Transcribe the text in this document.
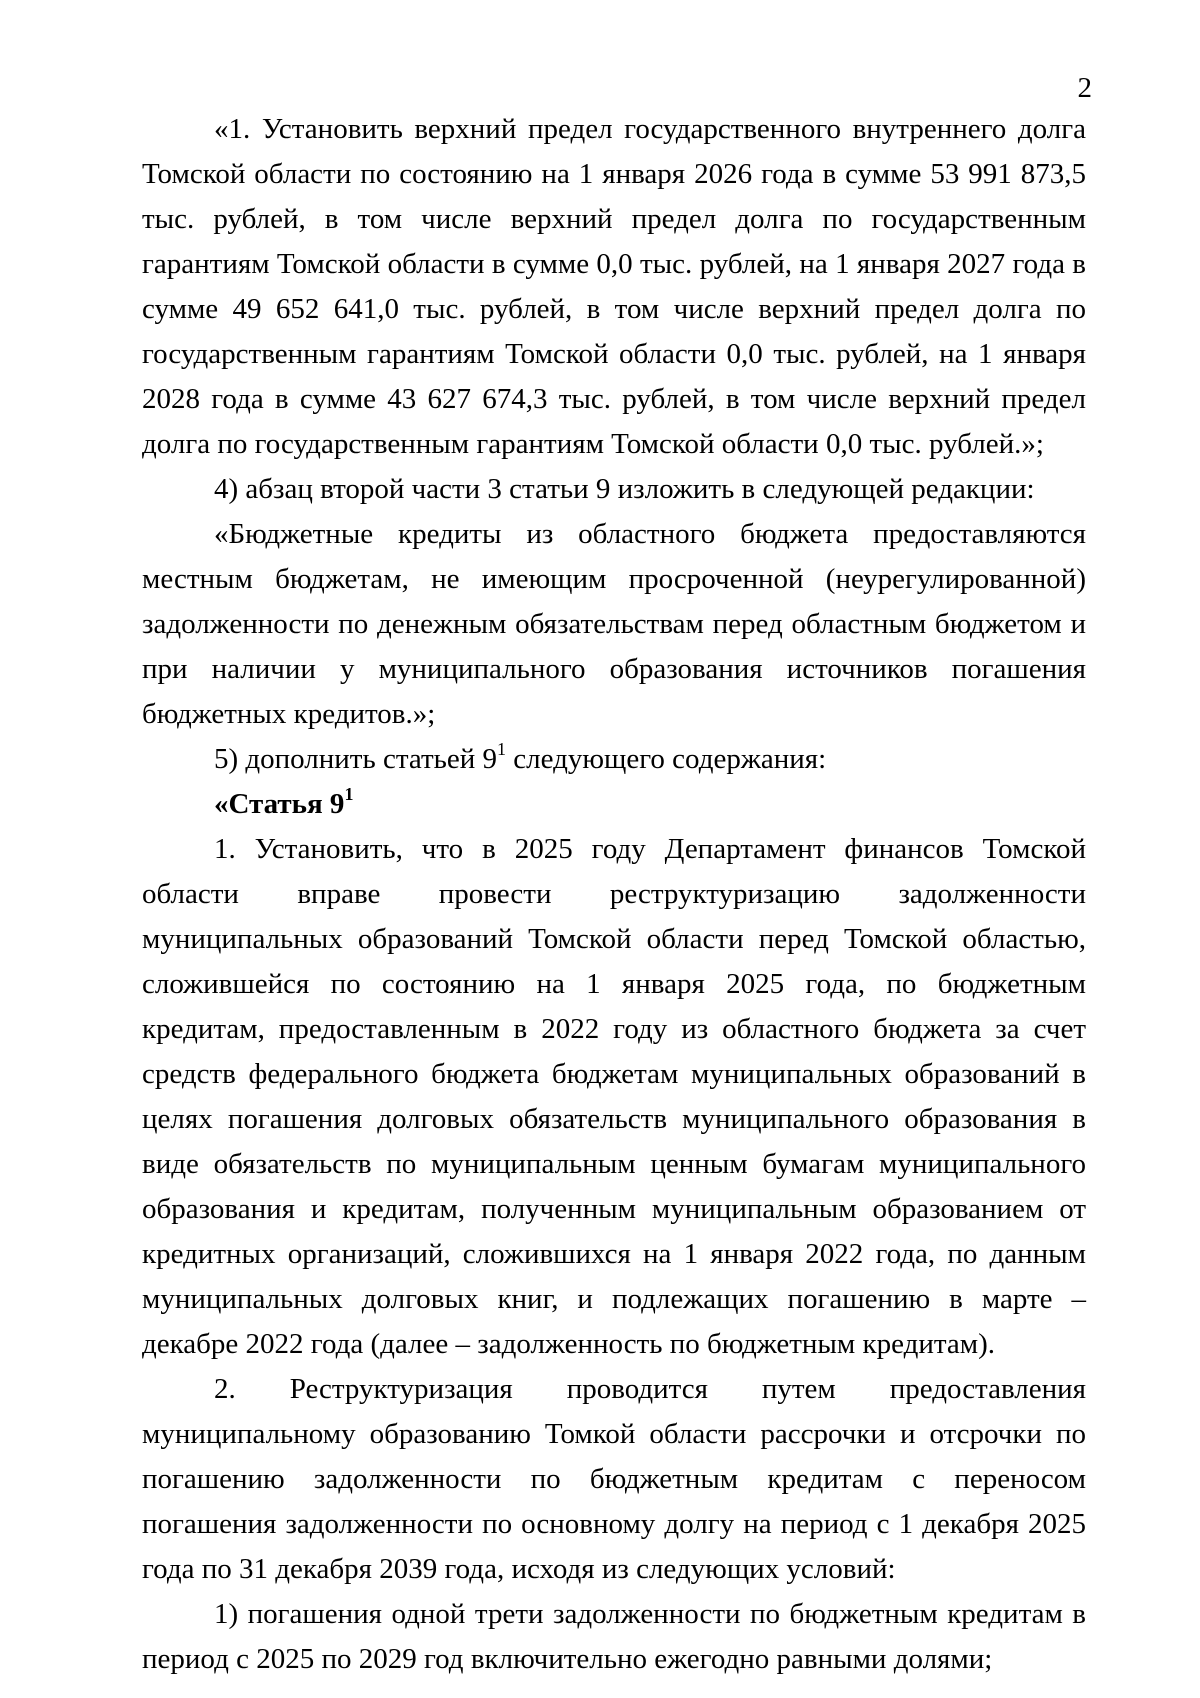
2

«1. Установить верхний предел государственного внутреннего долга Томской области по состоянию на 1 января 2026 года в сумме 53 991 873,5 тыс. рублей, в том числе верхний предел долга по государственным гарантиям Томской области в сумме 0,0 тыс. рублей, на 1 января 2027 года в сумме 49 652 641,0 тыс. рублей, в том числе верхний предел долга по государственным гарантиям Томской области 0,0 тыс. рублей, на 1 января 2028 года в сумме 43 627 674,3 тыс. рублей, в том числе верхний предел долга по государственным гарантиям Томской области 0,0 тыс. рублей.»;

4) абзац второй части 3 статьи 9 изложить в следующей редакции:

«Бюджетные кредиты из областного бюджета предоставляются местным бюджетам, не имеющим просроченной (неурегулированной) задолженности по денежным обязательствам перед областным бюджетом и при наличии у муниципального образования источников погашения бюджетных кредитов.»;

5) дополнить статьей $9^1$ следующего содержания:

«Статья $9^1$

1. Установить, что в 2025 году Департамент финансов Томской области вправе провести реструктуризацию задолженности муниципальных образований Томской области перед Томской областью, сложившейся по состоянию на 1 января 2025 года, по бюджетным кредитам, предоставленным в 2022 году из областного бюджета за счет средств федерального бюджета бюджетам муниципальных образований в целях погашения долговых обязательств муниципального образования в виде обязательств по муниципальным ценным бумагам муниципального образования и кредитам, полученным муниципальным образованием от кредитных организаций, сложившихся на 1 января 2022 года, по данным муниципальных долговых книг, и подлежащих погашению в марте – декабре 2022 года (далее – задолженность по бюджетным кредитам).

2. Реструктуризация проводится путем предоставления муниципальному образованию Томкой области рассрочки и отсрочки по погашению задолженности по бюджетным кредитам с переносом погашения задолженности по основному долгу на период с 1 декабря 2025 года по 31 декабря 2039 года, исходя из следующих условий:

1) погашения одной трети задолженности по бюджетным кредитам в период с 2025 по 2029 год включительно ежегодно равными долями;
